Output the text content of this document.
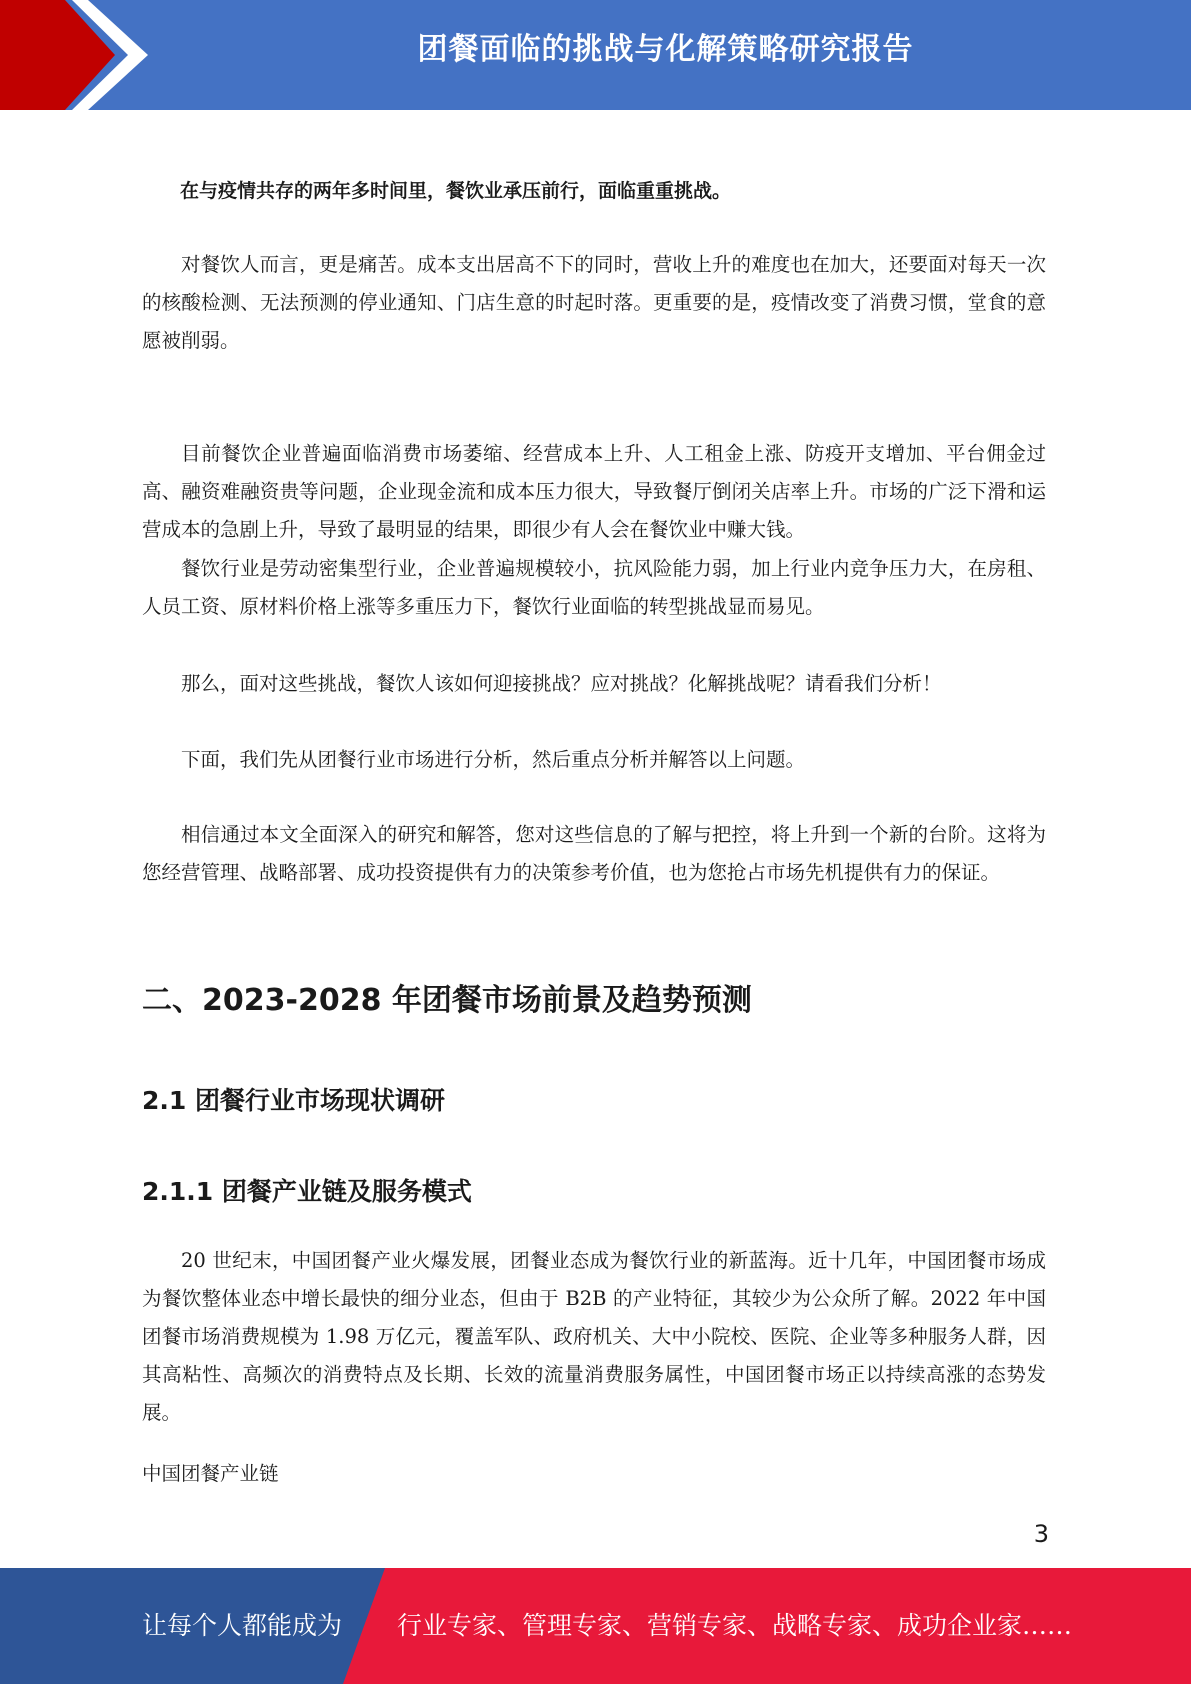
团餐面临的挑战与化解策略研究报告

在与疫情共存的两年多时间里，餐饮业承压前行，面临重重挑战。

对餐饮人而言，更是痛苦。成本支出居高不下的同时，营收上升的难度也在加大，还要面对每天一次的核酸检测、无法预测的停业通知、门店生意的时起时落。更重要的是，疫情改变了消费习惯，堂食的意愿被削弱。

目前餐饮企业普遍面临消费市场萎缩、经营成本上升、人工租金上涨、防疫开支增加、平台佣金过高、融资难融资贵等问题，企业现金流和成本压力很大，导致餐厅倒闭关店率上升。市场的广泛下滑和运营成本的急剧上升，导致了最明显的结果，即很少有人会在餐饮业中赚大钱。

餐饮行业是劳动密集型行业，企业普遍规模较小，抗风险能力弱，加上行业内竞争压力大，在房租、人员工资、原材料价格上涨等多重压力下，餐饮行业面临的转型挑战显而易见。

那么，面对这些挑战，餐饮人该如何迎接挑战？应对挑战？化解挑战呢？请看我们分析！

下面，我们先从团餐行业市场进行分析，然后重点分析并解答以上问题。

相信通过本文全面深入的研究和解答，您对这些信息的了解与把控，将上升到一个新的台阶。这将为您经营管理、战略部署、成功投资提供有力的决策参考价值，也为您抢占市场先机提供有力的保证。

二、2023-2028 年团餐市场前景及趋势预测
2.1 团餐行业市场现状调研
2.1.1 团餐产业链及服务模式

20 世纪末，中国团餐产业火爆发展，团餐业态成为餐饮行业的新蓝海。近十几年，中国团餐市场成为餐饮整体业态中增长最快的细分业态，但由于 B2B 的产业特征，其较少为公众所了解。2022 年中国团餐市场消费规模为 1.98 万亿元，覆盖军队、政府机关、大中小院校、医院、企业等多种服务人群，因其高粘性、高频次的消费特点及长期、长效的流量消费服务属性，中国团餐市场正以持续高涨的态势发展。

中国团餐产业链

3
让每个人都能成为 行业专家、管理专家、营销专家、战略专家、成功企业家……
